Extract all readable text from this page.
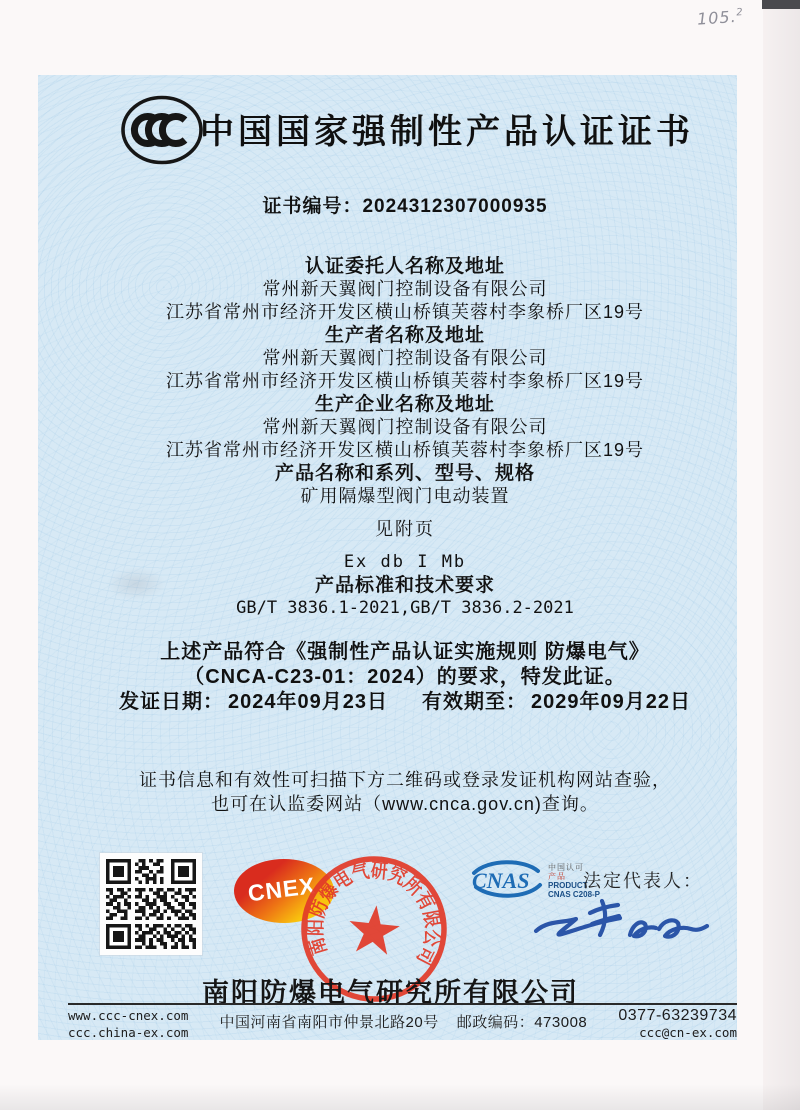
105.$^2$
中国国家强制性产品认证证书
证书编号：2024312307000935
认证委托人名称及地址
常州新天翼阀门控制设备有限公司
江苏省常州市经济开发区横山桥镇芙蓉村李象桥厂区19号
生产者名称及地址
常州新天翼阀门控制设备有限公司
江苏省常州市经济开发区横山桥镇芙蓉村李象桥厂区19号
生产企业名称及地址
常州新天翼阀门控制设备有限公司
江苏省常州市经济开发区横山桥镇芙蓉村李象桥厂区19号
产品名称和系列、型号、规格
矿用隔爆型阀门电动装置
见附页
Ex db I Mb
产品标准和技术要求
GB/T 3836.1-2021,GB/T 3836.2-2021
上述产品符合《强制性产品认证实施规则 防爆电气》
（CNCA-C23-01：2024）的要求，特发此证。
发证日期： 2024年09月23日 有效期至： 2029年09月22日
证书信息和有效性可扫描下方二维码或登录发证机构网站查验，
也可在认监委网站（www.cnca.gov.cn)查询。
CNEX
南阳防爆电气研究所有限公司
★
CNAS
中国认可
产品
PRODUCT
CNAS C208-P
法定代表人：
南阳防爆电气研究所有限公司
www.ccc-cnex.com
ccc.china-ex.com
中国河南省南阳市仲景北路20号 邮政编码：473008 0377-63239734
ccc@cn-ex.com
